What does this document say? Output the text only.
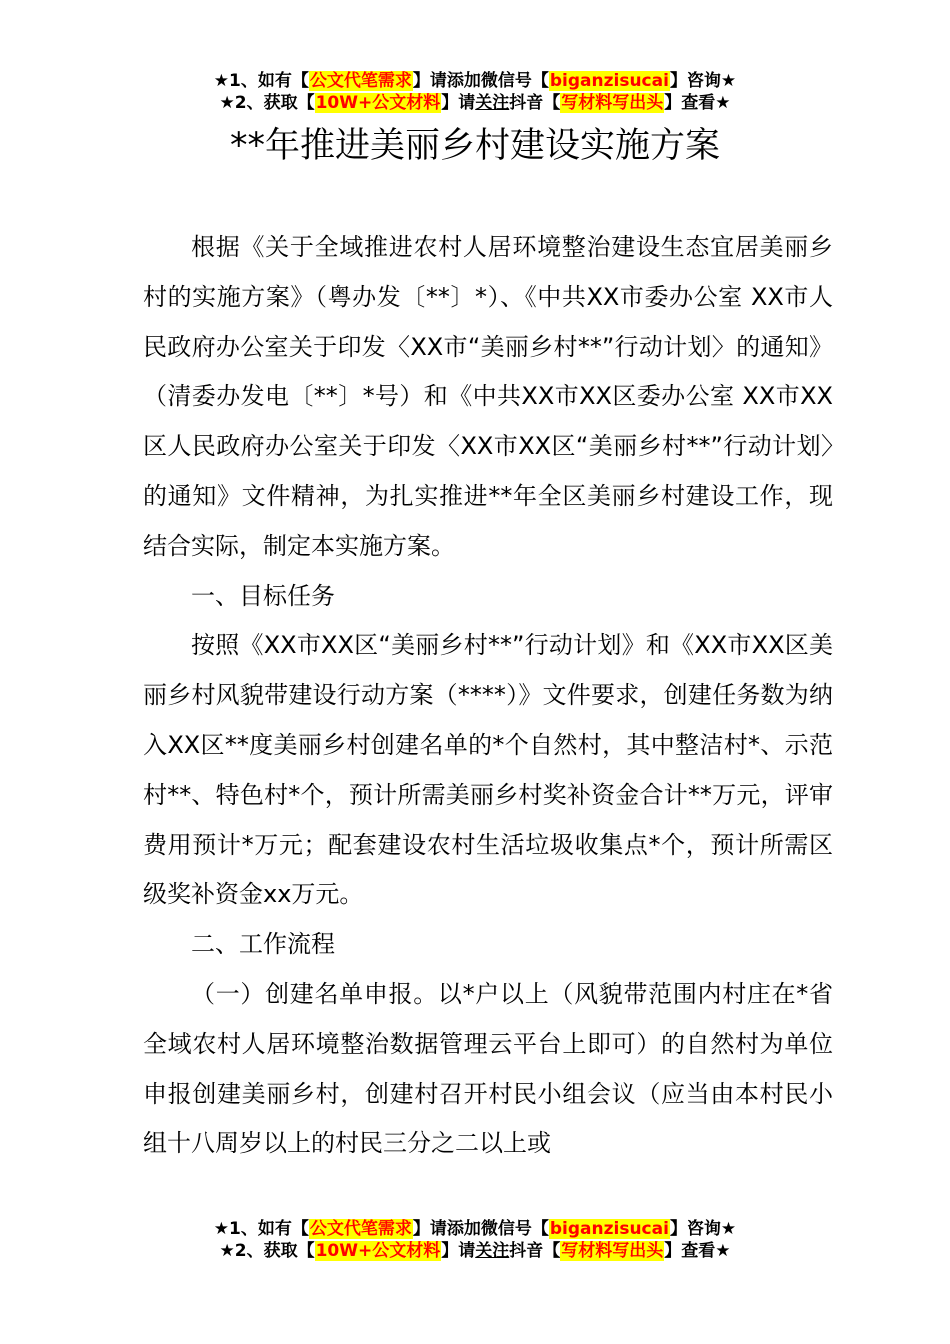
★1、如有【公文代笔需求】请添加微信号【biganzisucai】咨询★
★2、获取【10W+公文材料】请关注抖音【写材料写出头】查看★
**年推进美丽乡村建设实施方案

根据《关于全域推进农村人居环境整治建设生态宜居美丽乡村的实施方案》（粤办发〔**〕*）、《中共XX市委办公室 XX市人民政府办公室关于印发〈XX市“美丽乡村**”行动计划〉的通知》（清委办发电〔**〕*号）和《中共XX市XX区委办公室 XX市XX区人民政府办公室关于印发〈XX市XX区“美丽乡村**”行动计划〉的通知》文件精神，为扎实推进**年全区美丽乡村建设工作，现结合实际，制定本实施方案。

一、目标任务

按照《XX市XX区“美丽乡村**”行动计划》和《XX市XX区美丽乡村风貌带建设行动方案（****）》文件要求，创建任务数为纳入XX区**度美丽乡村创建名单的*个自然村，其中整洁村*、示范村**、特色村*个，预计所需美丽乡村奖补资金合计**万元，评审费用预计*万元；配套建设农村生活垃圾收集点*个，预计所需区级奖补资金xx万元。

二、工作流程

（一）创建名单申报。以*户以上（风貌带范围内村庄在*省全域农村人居环境整治数据管理云平台上即可）的自然村为单位申报创建美丽乡村，创建村召开村民小组会议（应当由本村民小组十八周岁以上的村民三分之二以上或

★1、如有【公文代笔需求】请添加微信号【biganzisucai】咨询★
★2、获取【10W+公文材料】请关注抖音【写材料写出头】查看★
